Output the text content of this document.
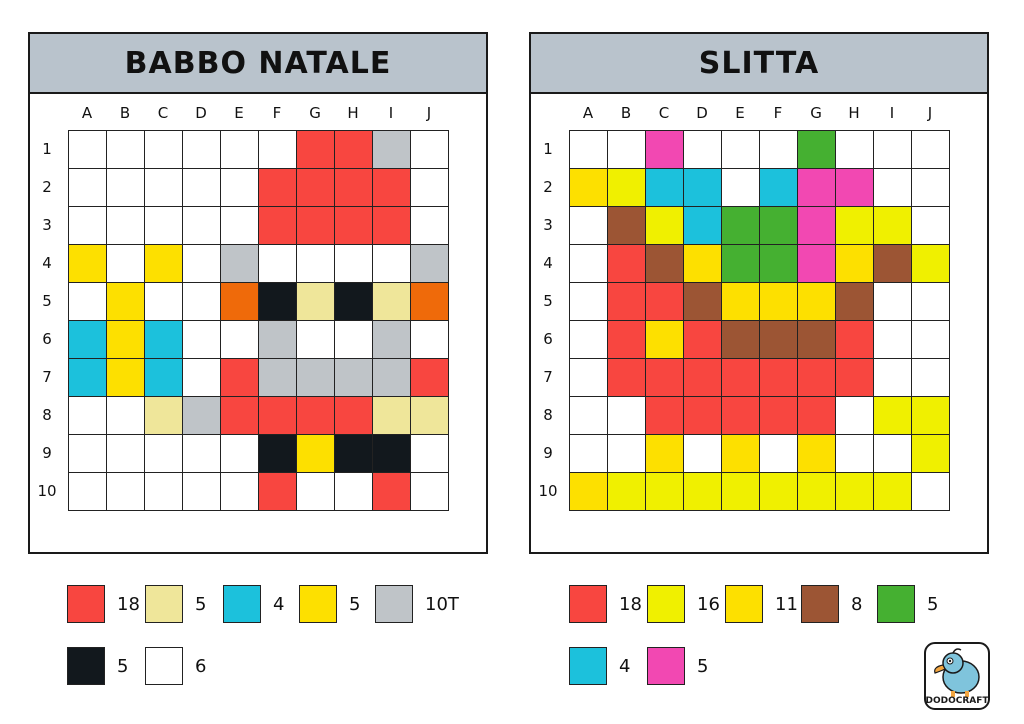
BABBO NATALE
A	B	C	D	E	F	G	H	I	J
1
2
3
4
5
6
7
8
9
10
SLITTA
A	B	C	D	E	F	G	H	I	J
1
2
3
4
5
6
7
8
9
10
18	5	4	5	10T
5	6
18	16	11	8	5
4	5
DODOCRAFT
